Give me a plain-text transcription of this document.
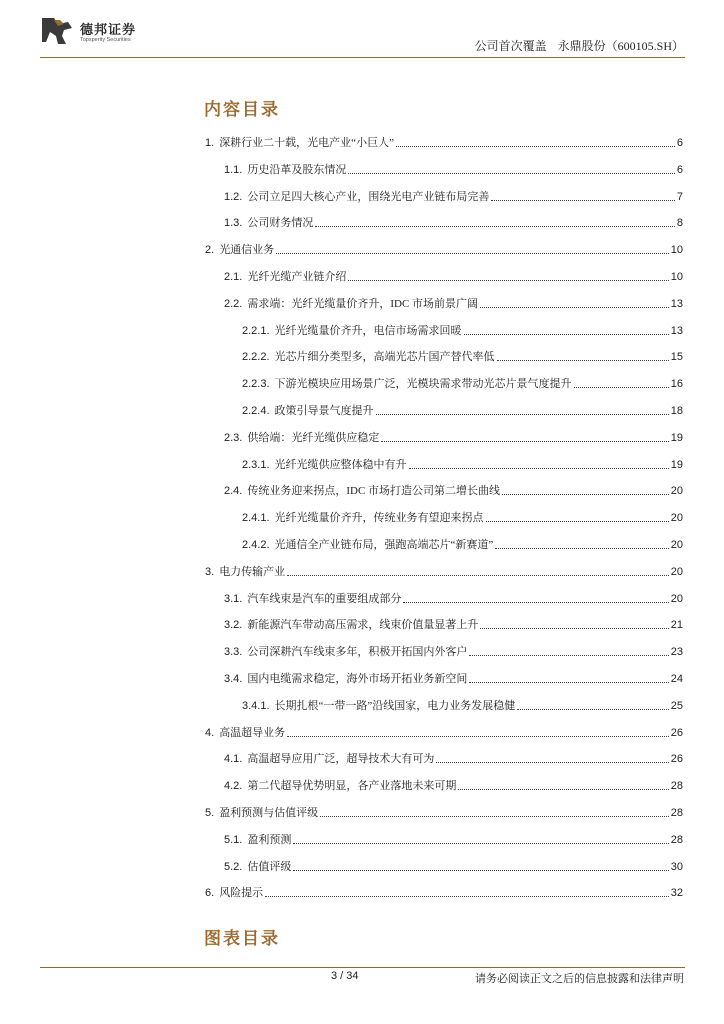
德邦证券
Topsperity Securities	公司首次覆盖 永鼎股份（600105.SH）
内容目录
1. 深耕行业二十载，光电产业“小巨人”	6
1.1. 历史沿革及股东情况	6
1.2. 公司立足四大核心产业，围绕光电产业链布局完善	7
1.3. 公司财务情况	8
2. 光通信业务	10
2.1. 光纤光缆产业链介绍	10
2.2. 需求端：光纤光缆量价齐升，IDC 市场前景广阔	13
2.2.1. 光纤光缆量价齐升，电信市场需求回暖	13
2.2.2. 光芯片细分类型多，高端光芯片国产替代率低	15
2.2.3. 下游光模块应用场景广泛，光模块需求带动光芯片景气度提升	16
2.2.4. 政策引导景气度提升	18
2.3. 供给端：光纤光缆供应稳定	19
2.3.1. 光纤光缆供应整体稳中有升	19
2.4. 传统业务迎来拐点，IDC 市场打造公司第二增长曲线	20
2.4.1. 光纤光缆量价齐升，传统业务有望迎来拐点	20
2.4.2. 光通信全产业链布局，强跑高端芯片“新赛道”	20
3. 电力传输产业	20
3.1. 汽车线束是汽车的重要组成部分	20
3.2. 新能源汽车带动高压需求，线束价值量显著上升	21
3.3. 公司深耕汽车线束多年，积极开拓国内外客户	23
3.4. 国内电缆需求稳定，海外市场开拓业务新空间	24
3.4.1. 长期扎根“一带一路”沿线国家，电力业务发展稳健	25
4. 高温超导业务	26
4.1. 高温超导应用广泛，超导技术大有可为	26
4.2. 第二代超导优势明显，各产业落地未来可期	28
5. 盈利预测与估值评级	28
5.1. 盈利预测	28
5.2. 估值评级	30
6. 风险提示	32
图表目录
3 / 34	请务必阅读正文之后的信息披露和法律声明
